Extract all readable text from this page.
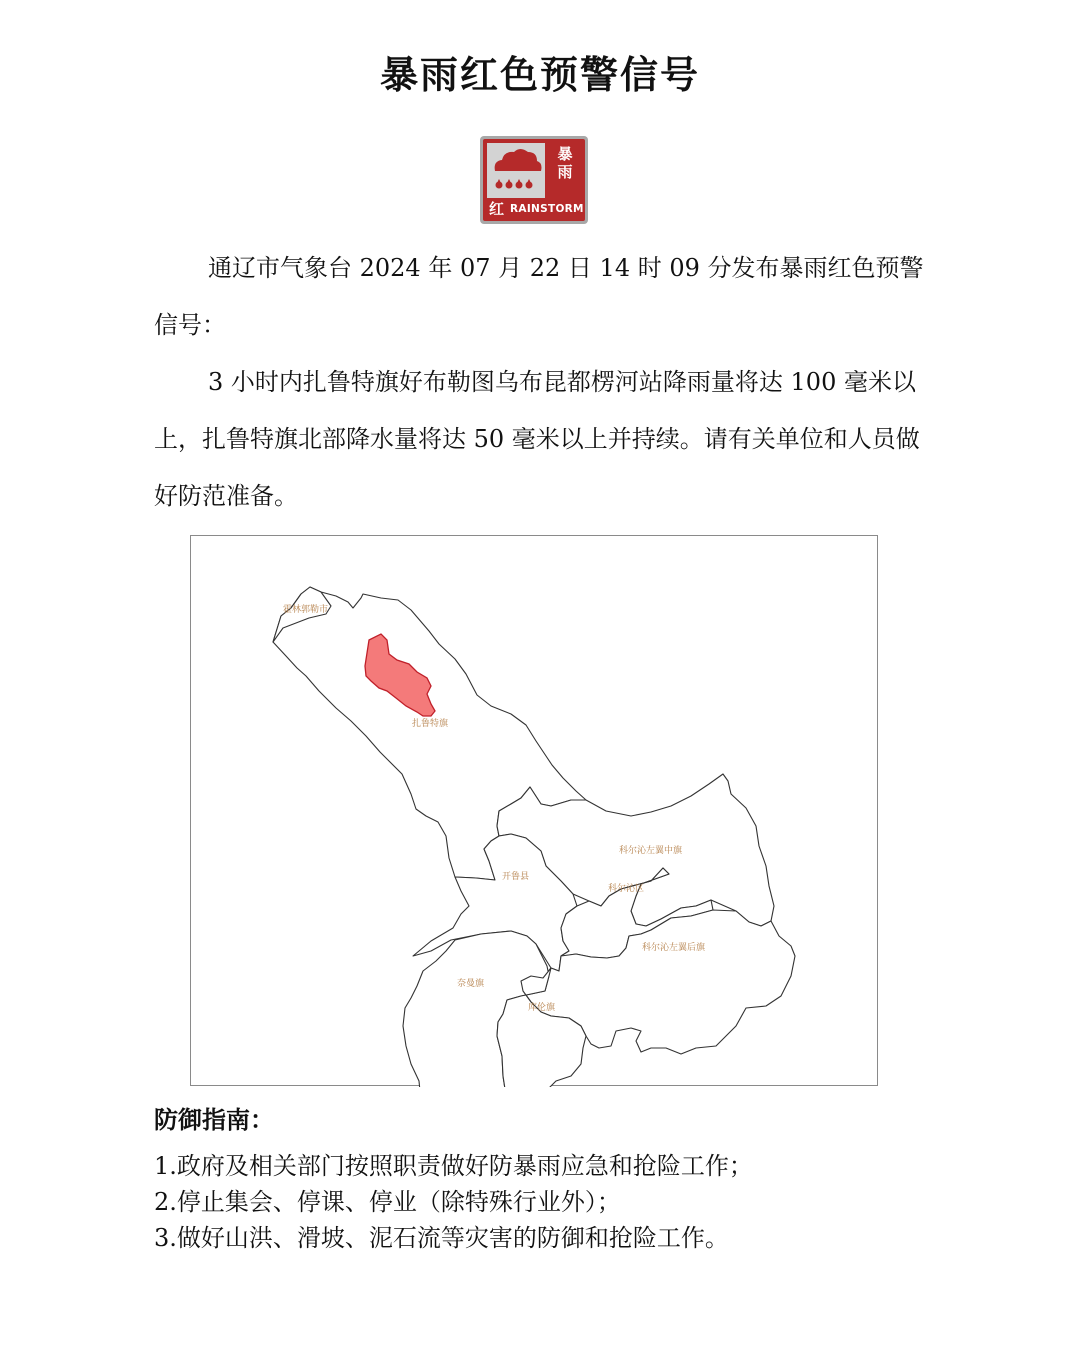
暴雨红色预警信号
暴
雨
红 RAINSTORM
通辽市气象台 2024 年 07 月 22 日 14 时 09 分发布暴雨红色预警信号：
3 小时内扎鲁特旗好布勒图乌布昆都楞河站降雨量将达 100 毫米以上，扎鲁特旗北部降水量将达 50 毫米以上并持续。请有关单位和人员做好防范准备。
霍林郭勒市
扎鲁特旗
科尔沁左翼中旗
开鲁县
科尔沁区
科尔沁左翼后旗
奈曼旗
库伦旗
防御指南：
1.政府及相关部门按照职责做好防暴雨应急和抢险工作；
2.停止集会、停课、停业（除特殊行业外）；
3.做好山洪、滑坡、泥石流等灾害的防御和抢险工作。
